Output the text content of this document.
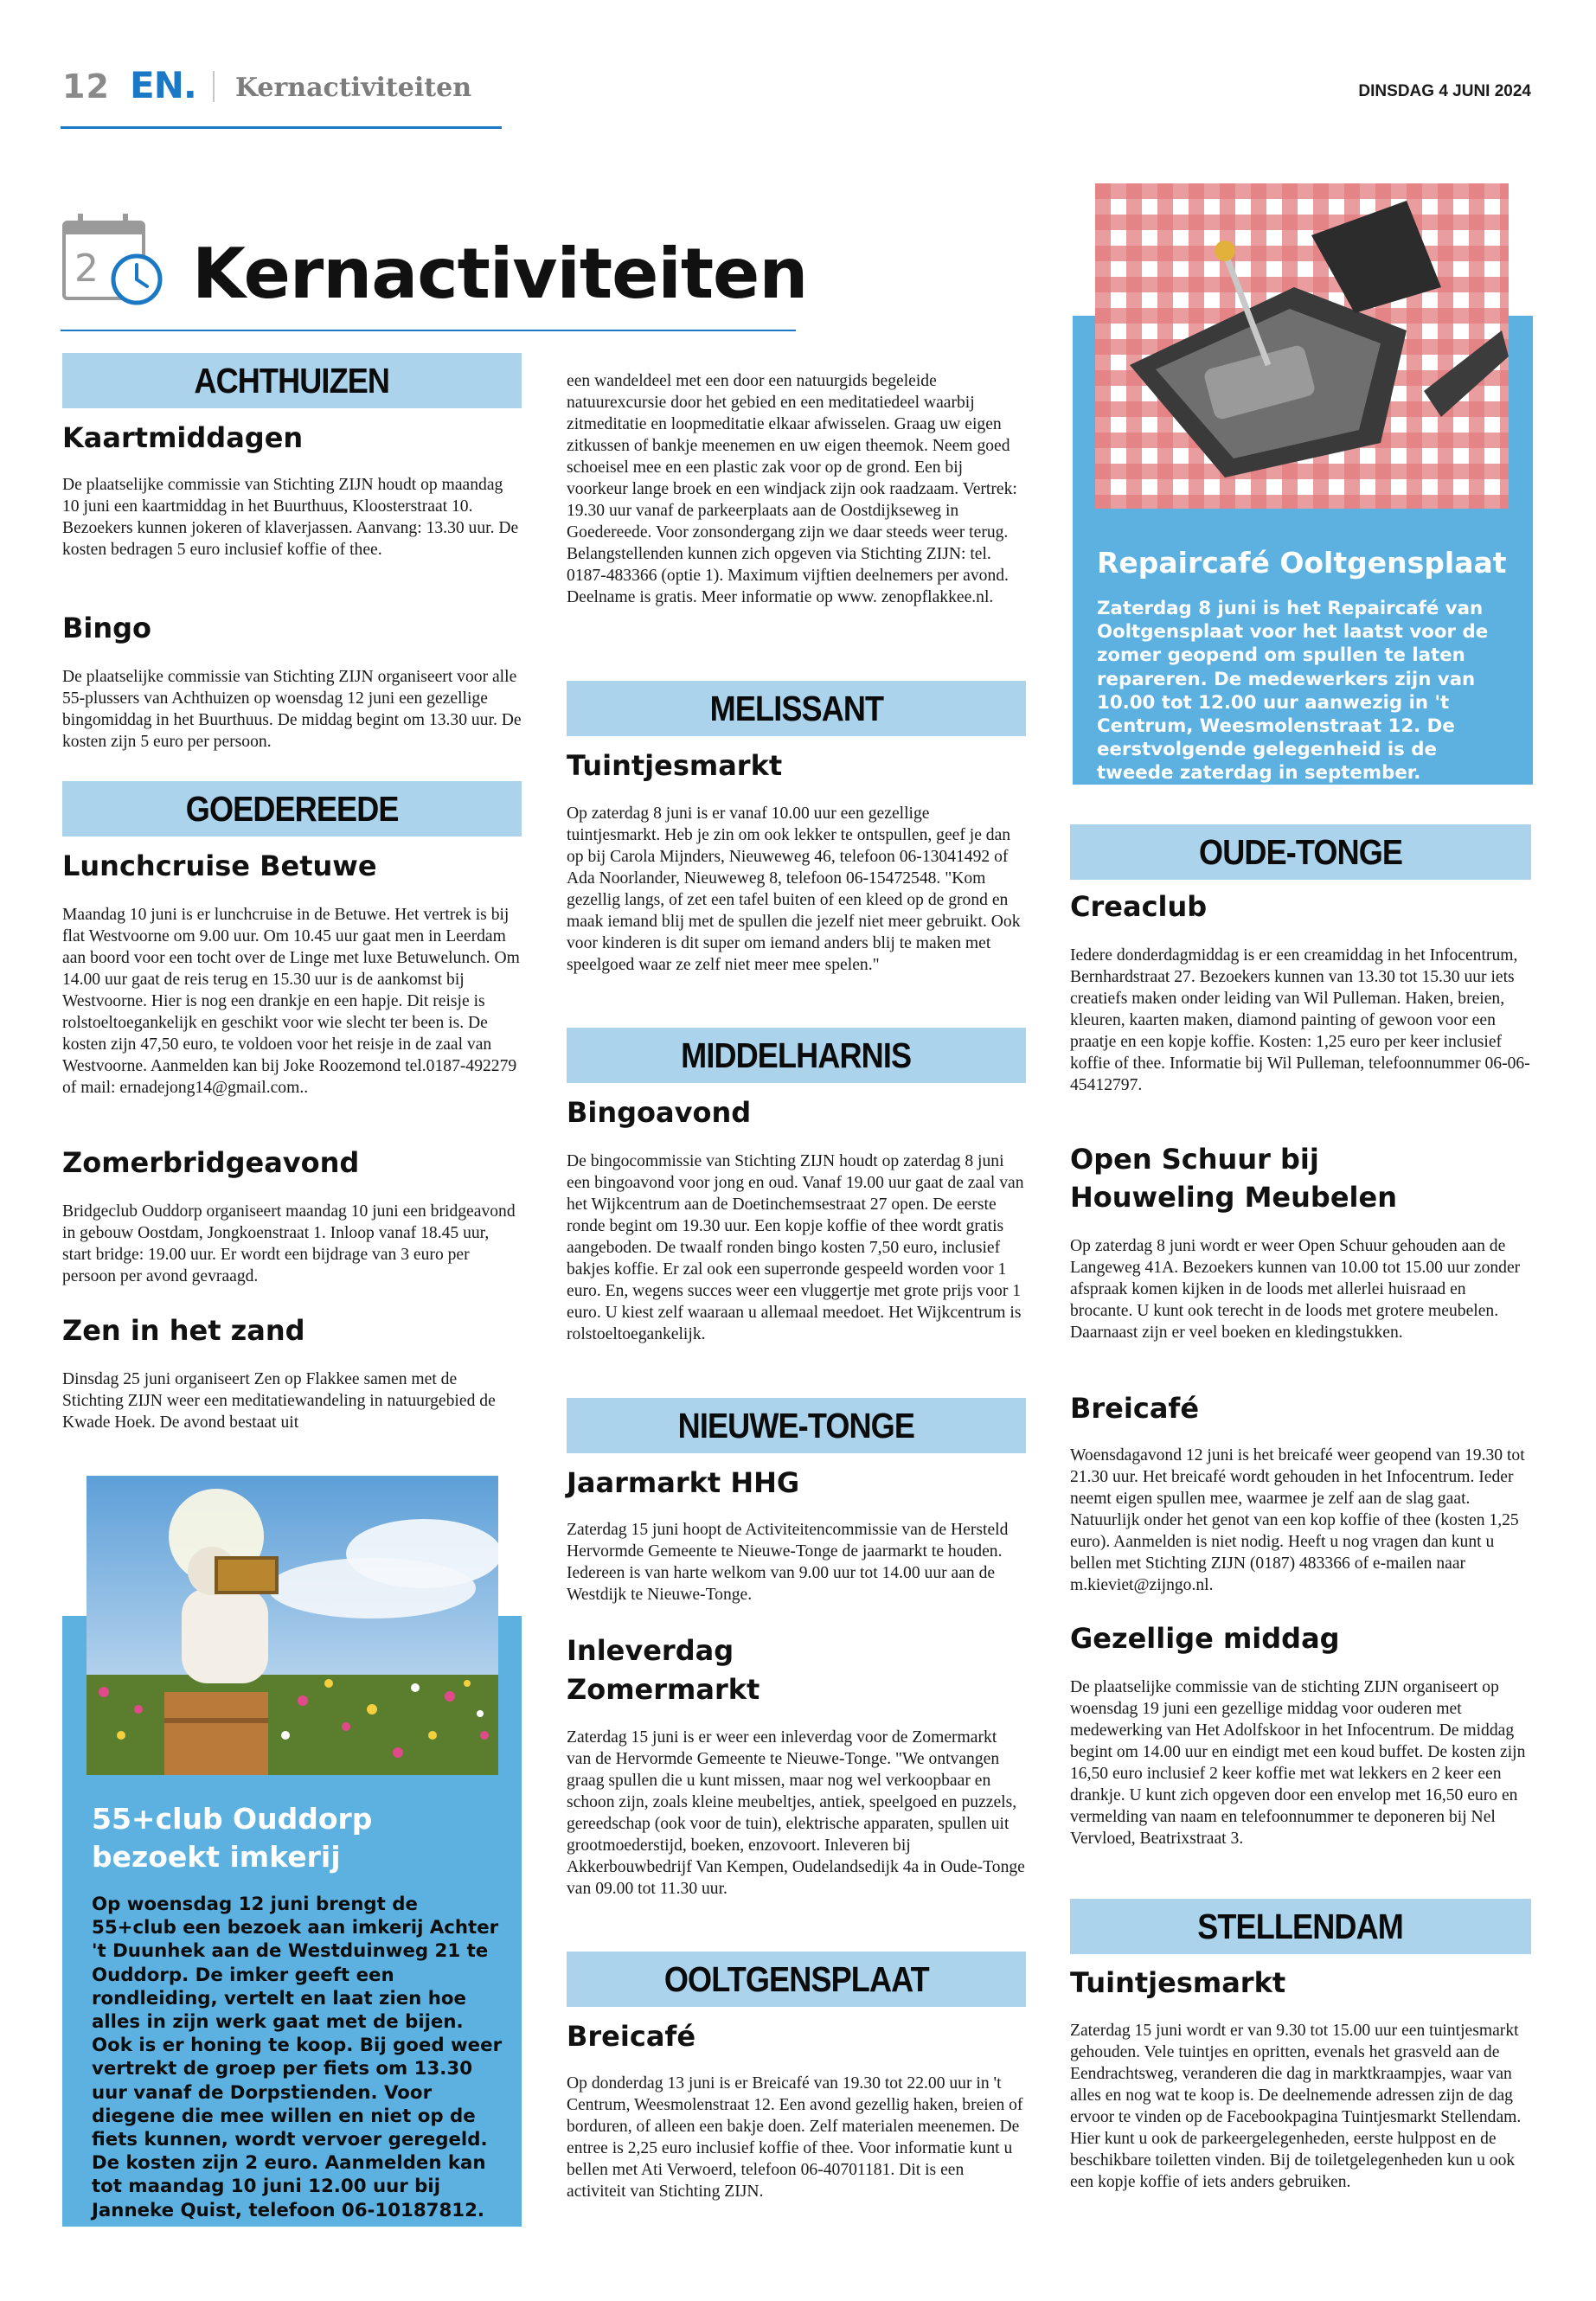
12 EN. Kernactiviteiten	DINSDAG 4 JUNI 2024
2 Kernactiviteiten
ACHTHUIZEN
Kaartmiddagen
De plaatselijke commissie van Stichting ZIJN houdt op maandag 10 juni een kaartmiddag in het Buurthuus, Kloosterstraat 10. Bezoekers kunnen jokeren of klaverjassen. Aanvang: 13.30 uur. De kosten bedragen 5 euro inclusief koffie of thee.
Bingo
De plaatselijke commissie van Stichting ZIJN organiseert voor alle 55-plussers van Achthuizen op woensdag 12 juni een gezellige bingomiddag in het Buurthuus. De middag begint om 13.30 uur. De kosten zijn 5 euro per persoon.
GOEDEREEDE
Lunchcruise Betuwe
Maandag 10 juni is er lunchcruise in de Betuwe. Het vertrek is bij flat Westvoorne om 9.00 uur. Om 10.45 uur gaat men in Leerdam aan boord voor een tocht over de Linge met luxe Betuwelunch. Om 14.00 uur gaat de reis terug en 15.30 uur is de aankomst bij Westvoorne. Hier is nog een drankje en een hapje. Dit reisje is rolstoeltoegankelijk en geschikt voor wie slecht ter been is. De kosten zijn 47,50 euro, te voldoen voor het reisje in de zaal van Westvoorne. Aanmelden kan bij Joke Roozemond tel.0187-492279 of mail: ernadejong14@gmail.com..
Zomerbridgeavond
Bridgeclub Ouddorp organiseert maandag 10 juni een bridgeavond in gebouw Oostdam, Jongkoenstraat 1. Inloop vanaf 18.45 uur, start bridge: 19.00 uur. Er wordt een bijdrage van 3 euro per persoon per avond gevraagd.
Zen in het zand
Dinsdag 25 juni organiseert Zen op Flakkee samen met de Stichting ZIJN weer een meditatiewandeling in natuurgebied de Kwade Hoek. De avond bestaat uit
55+club Ouddorp
bezoekt imkerij
Op woensdag 12 juni brengt de 55+club een bezoek aan imkerij Achter 't Duunhek aan de Westduinweg 21 te Ouddorp. De imker geeft een rondleiding, vertelt en laat zien hoe alles in zijn werk gaat met de bijen. Ook is er honing te koop. Bij goed weer vertrekt de groep per fiets om 13.30 uur vanaf de Dorpstienden. Voor diegene die mee willen en niet op de fiets kunnen, wordt vervoer geregeld. De kosten zijn 2 euro. Aanmelden kan tot maandag 10 juni 12.00 uur bij Janneke Quist, telefoon 06-10187812.
een wandeldeel met een door een natuurgids begeleide natuurexcursie door het gebied en een meditatiedeel waarbij zitmeditatie en loopmeditatie elkaar afwisselen. Graag uw eigen zitkussen of bankje meenemen en uw eigen theemok. Neem goed schoeisel mee en een plastic zak voor op de grond. Een bij voorkeur lange broek en een windjack zijn ook raadzaam. Vertrek: 19.30 uur vanaf de parkeerplaats aan de Oostdijkseweg in Goedereede. Voor zonsondergang zijn we daar steeds weer terug. Belangstellenden kunnen zich opgeven via Stichting ZIJN: tel. 0187-483366 (optie 1). Maximum vijftien deelnemers per avond. Deelname is gratis. Meer informatie op www. zenopflakkee.nl.
MELISSANT
Tuintjesmarkt
Op zaterdag 8 juni is er vanaf 10.00 uur een gezellige tuintjesmarkt. Heb je zin om ook lekker te ontspullen, geef je dan op bij Carola Mijnders, Nieuweweg 46, telefoon 06-13041492 of Ada Noorlander, Nieuweweg 8, telefoon 06-15472548. "Kom gezellig langs, of zet een tafel buiten of een kleed op de grond en maak iemand blij met de spullen die jezelf niet meer gebruikt. Ook voor kinderen is dit super om iemand anders blij te maken met speelgoed waar ze zelf niet meer mee spelen."
MIDDELHARNIS
Bingoavond
De bingocommissie van Stichting ZIJN houdt op zaterdag 8 juni een bingoavond voor jong en oud. Vanaf 19.00 uur gaat de zaal van het Wijkcentrum aan de Doetinchemsestraat 27 open. De eerste ronde begint om 19.30 uur. Een kopje koffie of thee wordt gratis aangeboden. De twaalf ronden bingo kosten 7,50 euro, inclusief bakjes koffie. Er zal ook een superronde gespeeld worden voor 1 euro. En, wegens succes weer een vluggertje met grote prijs voor 1 euro. U kiest zelf waaraan u allemaal meedoet. Het Wijkcentrum is rolstoeltoegankelijk.
NIEUWE-TONGE
Jaarmarkt HHG
Zaterdag 15 juni hoopt de Activiteitencommissie van de Hersteld Hervormde Gemeente te Nieuwe-Tonge de jaarmarkt te houden. Iedereen is van harte welkom van 9.00 uur tot 14.00 uur aan de Westdijk te Nieuwe-Tonge.
Inleverdag
Zomermarkt
Zaterdag 15 juni is er weer een inleverdag voor de Zomermarkt van de Hervormde Gemeente te Nieuwe-Tonge. "We ontvangen graag spullen die u kunt missen, maar nog wel verkoopbaar en schoon zijn, zoals kleine meubeltjes, antiek, speelgoed en puzzels, gereedschap (ook voor de tuin), elektrische apparaten, spullen uit grootmoederstijd, boeken, enzovoort. Inleveren bij Akkerbouwbedrijf Van Kempen, Oudelandsedijk 4a in Oude-Tonge van 09.00 tot 11.30 uur.
OOLTGENSPLAAT
Breicafé
Op donderdag 13 juni is er Breicafé van 19.30 tot 22.00 uur in 't Centrum, Weesmolenstraat 12. Een avond gezellig haken, breien of borduren, of alleen een bakje doen. Zelf materialen meenemen. De entree is 2,25 euro inclusief koffie of thee. Voor informatie kunt u bellen met Ati Verwoerd, telefoon 06-40701181. Dit is een activiteit van Stichting ZIJN.
Repaircafé Ooltgensplaat
Zaterdag 8 juni is het Repaircafé van Ooltgensplaat voor het laatst voor de zomer geopend om spullen te laten repareren. De medewerkers zijn van 10.00 tot 12.00 uur aanwezig in 't Centrum, Weesmolenstraat 12. De eerstvolgende gelegenheid is de tweede zaterdag in september.
OUDE-TONGE
Creaclub
Iedere donderdagmiddag is er een creamiddag in het Infocentrum, Bernhardstraat 27. Bezoekers kunnen van 13.30 tot 15.30 uur iets creatiefs maken onder leiding van Wil Pulleman. Haken, breien, kleuren, kaarten maken, diamond painting of gewoon voor een praatje en een kopje koffie. Kosten: 1,25 euro per keer inclusief koffie of thee. Informatie bij Wil Pulleman, telefoonnummer 06-06-45412797.
Open Schuur bij
Houweling Meubelen
Op zaterdag 8 juni wordt er weer Open Schuur gehouden aan de Langeweg 41A. Bezoekers kunnen van 10.00 tot 15.00 uur zonder afspraak komen kijken in de loods met allerlei huisraad en brocante. U kunt ook terecht in de loods met grotere meubelen. Daarnaast zijn er veel boeken en kledingstukken.
Breicafé
Woensdagavond 12 juni is het breicafé weer geopend van 19.30 tot 21.30 uur. Het breicafé wordt gehouden in het Infocentrum. Ieder neemt eigen spullen mee, waarmee je zelf aan de slag gaat. Natuurlijk onder het genot van een kop koffie of thee (kosten 1,25 euro). Aanmelden is niet nodig. Heeft u nog vragen dan kunt u bellen met Stichting ZIJN (0187) 483366 of e-mailen naar m.kieviet@zijngo.nl.
Gezellige middag
De plaatselijke commissie van de stichting ZIJN organiseert op woensdag 19 juni een gezellige middag voor ouderen met medewerking van Het Adolfskoor in het Infocentrum. De middag begint om 14.00 uur en eindigt met een koud buffet. De kosten zijn 16,50 euro inclusief 2 keer koffie met wat lekkers en 2 keer een drankje. U kunt zich opgeven door een envelop met 16,50 euro en vermelding van naam en telefoonnummer te deponeren bij Nel Vervloed, Beatrixstraat 3.
STELLENDAM
Tuintjesmarkt
Zaterdag 15 juni wordt er van 9.30 tot 15.00 uur een tuintjesmarkt gehouden. Vele tuintjes en opritten, evenals het grasveld aan de Eendrachtsweg, veranderen die dag in marktkraampjes, waar van alles en nog wat te koop is. De deelnemende adressen zijn de dag ervoor te vinden op de Facebookpagina Tuintjesmarkt Stellendam. Hier kunt u ook de parkeergelegenheden, eerste hulppost en de beschikbare toiletten vinden. Bij de toiletgelegenheden kun u ook een kopje koffie of iets anders gebruiken.
